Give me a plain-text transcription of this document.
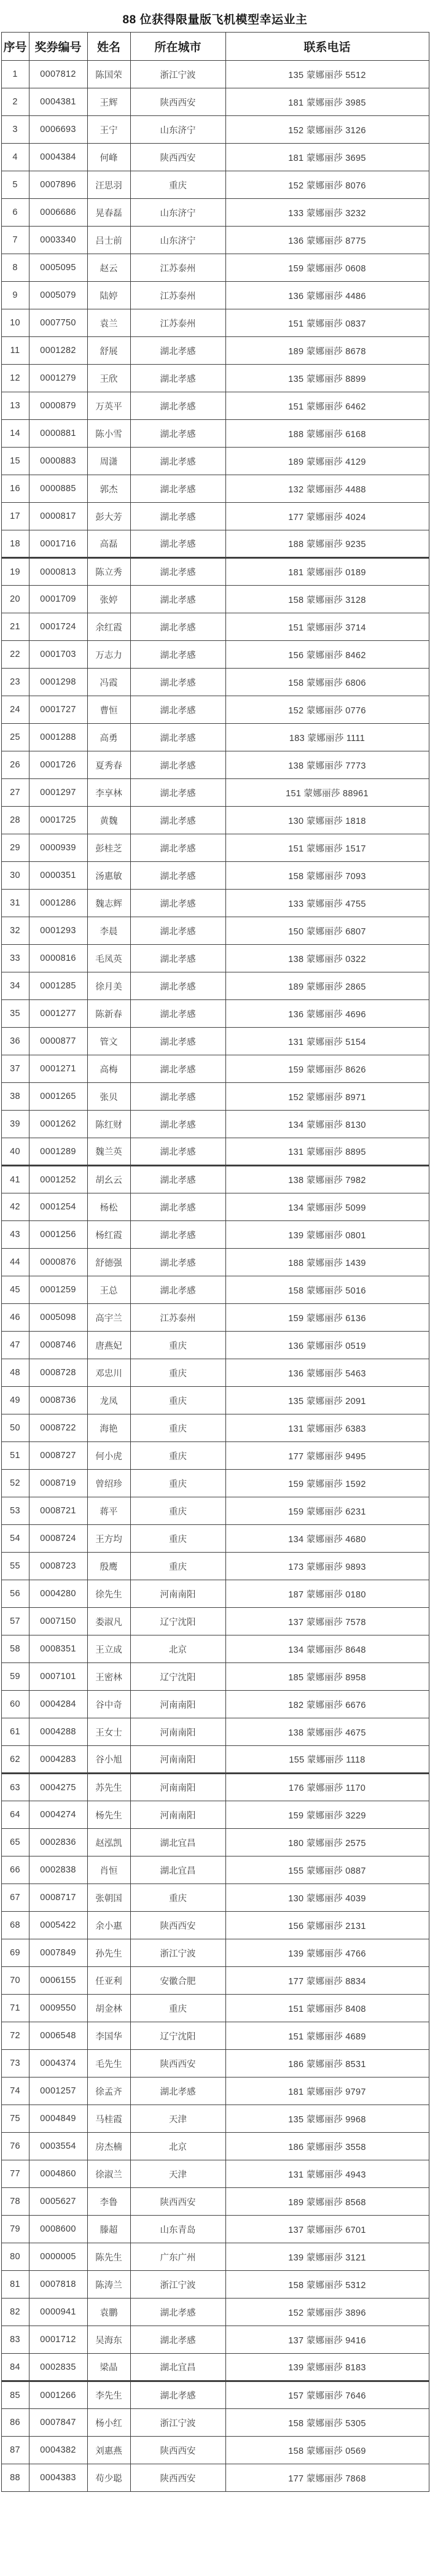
88 位获得限量版飞机模型幸运业主
序号	奖券编号	姓名	所在城市	联系电话
1	0007812	陈国荣	浙江宁波	135 蒙娜丽莎 5512
2	0004381	王辉	陕西西安	181 蒙娜丽莎 3985
3	0006693	王宁	山东济宁	152 蒙娜丽莎 3126
4	0004384	何峰	陕西西安	181 蒙娜丽莎 3695
5	0007896	汪思羽	重庆	152 蒙娜丽莎 8076
6	0006686	晃春磊	山东济宁	133 蒙娜丽莎 3232
7	0003340	吕士前	山东济宁	136 蒙娜丽莎 8775
8	0005095	赵云	江苏泰州	159 蒙娜丽莎 0608
9	0005079	陆婷	江苏泰州	136 蒙娜丽莎 4486
10	0007750	袁兰	江苏泰州	151 蒙娜丽莎 0837
11	0001282	舒展	湖北孝感	189 蒙娜丽莎 8678
12	0001279	王欣	湖北孝感	135 蒙娜丽莎 8899
13	0000879	万英平	湖北孝感	151 蒙娜丽莎 6462
14	0000881	陈小雪	湖北孝感	188 蒙娜丽莎 6168
15	0000883	周潇	湖北孝感	189 蒙娜丽莎 4129
16	0000885	郭杰	湖北孝感	132 蒙娜丽莎 4488
17	0000817	彭大芳	湖北孝感	177 蒙娜丽莎 4024
18	0001716	高磊	湖北孝感	188 蒙娜丽莎 9235
19	0000813	陈立秀	湖北孝感	181 蒙娜丽莎 0189
20	0001709	张婷	湖北孝感	158 蒙娜丽莎 3128
21	0001724	余红霞	湖北孝感	151 蒙娜丽莎 3714
22	0001703	万志力	湖北孝感	156 蒙娜丽莎 8462
23	0001298	冯霞	湖北孝感	158 蒙娜丽莎 6806
24	0001727	曹恒	湖北孝感	152 蒙娜丽莎 0776
25	0001288	高勇	湖北孝感	183 蒙娜丽莎 1111
26	0001726	夏秀春	湖北孝感	138 蒙娜丽莎 7773
27	0001297	李享林	湖北孝感	151 蒙娜丽莎 88961
28	0001725	黄魏	湖北孝感	130 蒙娜丽莎 1818
29	0000939	彭桂芝	湖北孝感	151 蒙娜丽莎 1517
30	0000351	汤惠敏	湖北孝感	158 蒙娜丽莎 7093
31	0001286	魏志辉	湖北孝感	133 蒙娜丽莎 4755
32	0001293	李晨	湖北孝感	150 蒙娜丽莎 6807
33	0000816	毛凤英	湖北孝感	138 蒙娜丽莎 0322
34	0001285	徐月美	湖北孝感	189 蒙娜丽莎 2865
35	0001277	陈新春	湖北孝感	136 蒙娜丽莎 4696
36	0000877	管文	湖北孝感	131 蒙娜丽莎 5154
37	0001271	高梅	湖北孝感	159 蒙娜丽莎 8626
38	0001265	张贝	湖北孝感	152 蒙娜丽莎 8971
39	0001262	陈红财	湖北孝感	134 蒙娜丽莎 8130
40	0001289	魏兰英	湖北孝感	131 蒙娜丽莎 8895
41	0001252	胡幺云	湖北孝感	138 蒙娜丽莎 7982
42	0001254	杨松	湖北孝感	134 蒙娜丽莎 5099
43	0001256	杨红霞	湖北孝感	139 蒙娜丽莎 0801
44	0000876	舒德强	湖北孝感	188 蒙娜丽莎 1439
45	0001259	王总	湖北孝感	158 蒙娜丽莎 5016
46	0005098	高宇兰	江苏泰州	159 蒙娜丽莎 6136
47	0008746	唐燕妃	重庆	136 蒙娜丽莎 0519
48	0008728	邓忠川	重庆	136 蒙娜丽莎 5463
49	0008736	龙凤	重庆	135 蒙娜丽莎 2091
50	0008722	海艳	重庆	131 蒙娜丽莎 6383
51	0008727	何小虎	重庆	177 蒙娜丽莎 9495
52	0008719	曾绍珍	重庆	159 蒙娜丽莎 1592
53	0008721	蒋平	重庆	159 蒙娜丽莎 6231
54	0008724	王方均	重庆	134 蒙娜丽莎 4680
55	0008723	殷鹰	重庆	173 蒙娜丽莎 9893
56	0004280	徐先生	河南南阳	187 蒙娜丽莎 0180
57	0007150	娄淑凡	辽宁沈阳	137 蒙娜丽莎 7578
58	0008351	王立成	北京	134 蒙娜丽莎 8648
59	0007101	王密林	辽宁沈阳	185 蒙娜丽莎 8958
60	0004284	谷中奇	河南南阳	182 蒙娜丽莎 6676
61	0004288	王女士	河南南阳	138 蒙娜丽莎 4675
62	0004283	谷小旭	河南南阳	155 蒙娜丽莎 1118
63	0004275	苏先生	河南南阳	176 蒙娜丽莎 1170
64	0004274	杨先生	河南南阳	159 蒙娜丽莎 3229
65	0002836	赵泓凯	湖北宜昌	180 蒙娜丽莎 2575
66	0002838	肖恒	湖北宜昌	155 蒙娜丽莎 0887
67	0008717	张朝国	重庆	130 蒙娜丽莎 4039
68	0005422	余小惠	陕西西安	156 蒙娜丽莎 2131
69	0007849	孙先生	浙江宁波	139 蒙娜丽莎 4766
70	0006155	任亚利	安徽合肥	177 蒙娜丽莎 8834
71	0009550	胡金林	重庆	151 蒙娜丽莎 8408
72	0006548	李国华	辽宁沈阳	151 蒙娜丽莎 4689
73	0004374	毛先生	陕西西安	186 蒙娜丽莎 8531
74	0001257	徐孟齐	湖北孝感	181 蒙娜丽莎 9797
75	0004849	马桂霞	天津	135 蒙娜丽莎 9968
76	0003554	房杰楠	北京	186 蒙娜丽莎 3558
77	0004860	徐淑兰	天津	131 蒙娜丽莎 4943
78	0005627	李鲁	陕西西安	189 蒙娜丽莎 8568
79	0008600	滕超	山东青岛	137 蒙娜丽莎 6701
80	0000005	陈先生	广东广州	139 蒙娜丽莎 3121
81	0007818	陈涛兰	浙江宁波	158 蒙娜丽莎 5312
82	0000941	袁鹏	湖北孝感	152 蒙娜丽莎 3896
83	0001712	吴海东	湖北孝感	137 蒙娜丽莎 9416
84	0002835	梁晶	湖北宜昌	139 蒙娜丽莎 8183
85	0001266	李先生	湖北孝感	157 蒙娜丽莎 7646
86	0007847	杨小红	浙江宁波	158 蒙娜丽莎 5305
87	0004382	刘惠燕	陕西西安	158 蒙娜丽莎 0569
88	0004383	苟少聪	陕西西安	177 蒙娜丽莎 7868
